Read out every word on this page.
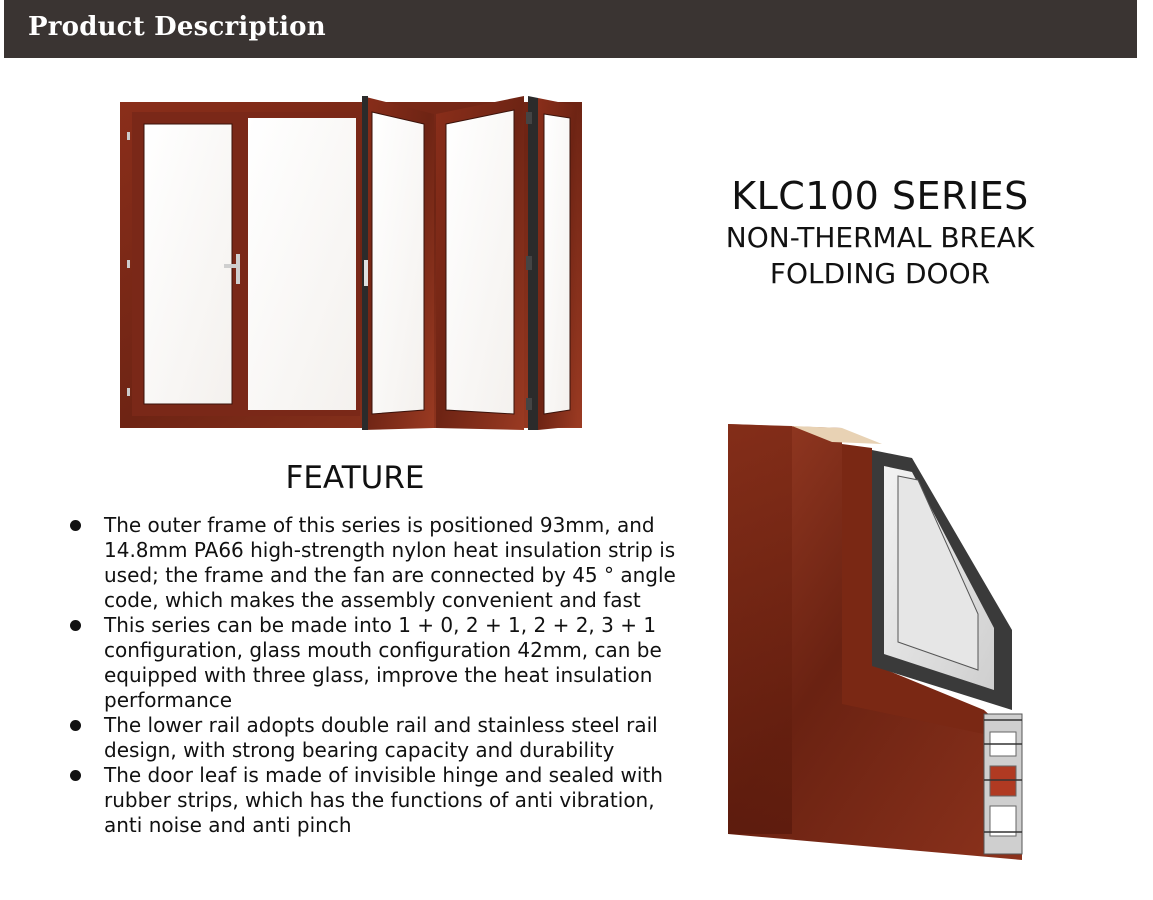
Product Description
KLC100 SERIES
NON-THERMAL BREAK
FOLDING DOOR
FEATURE
The outer frame of this series is positioned 93mm, and 14.8mm PA66 high-strength nylon heat insulation strip is used; the frame and the fan are connected by 45 ° angle code, which makes the assembly convenient and fast
This series can be made into 1 + 0, 2 + 1, 2 + 2, 3 + 1 configuration, glass mouth configuration 42mm, can be equipped with three glass, improve the heat insulation performance
The lower rail adopts double rail and stainless steel rail design, with strong bearing capacity and durability
The door leaf is made of invisible hinge and sealed with rubber strips, which has the functions of anti vibration, anti noise and anti pinch
